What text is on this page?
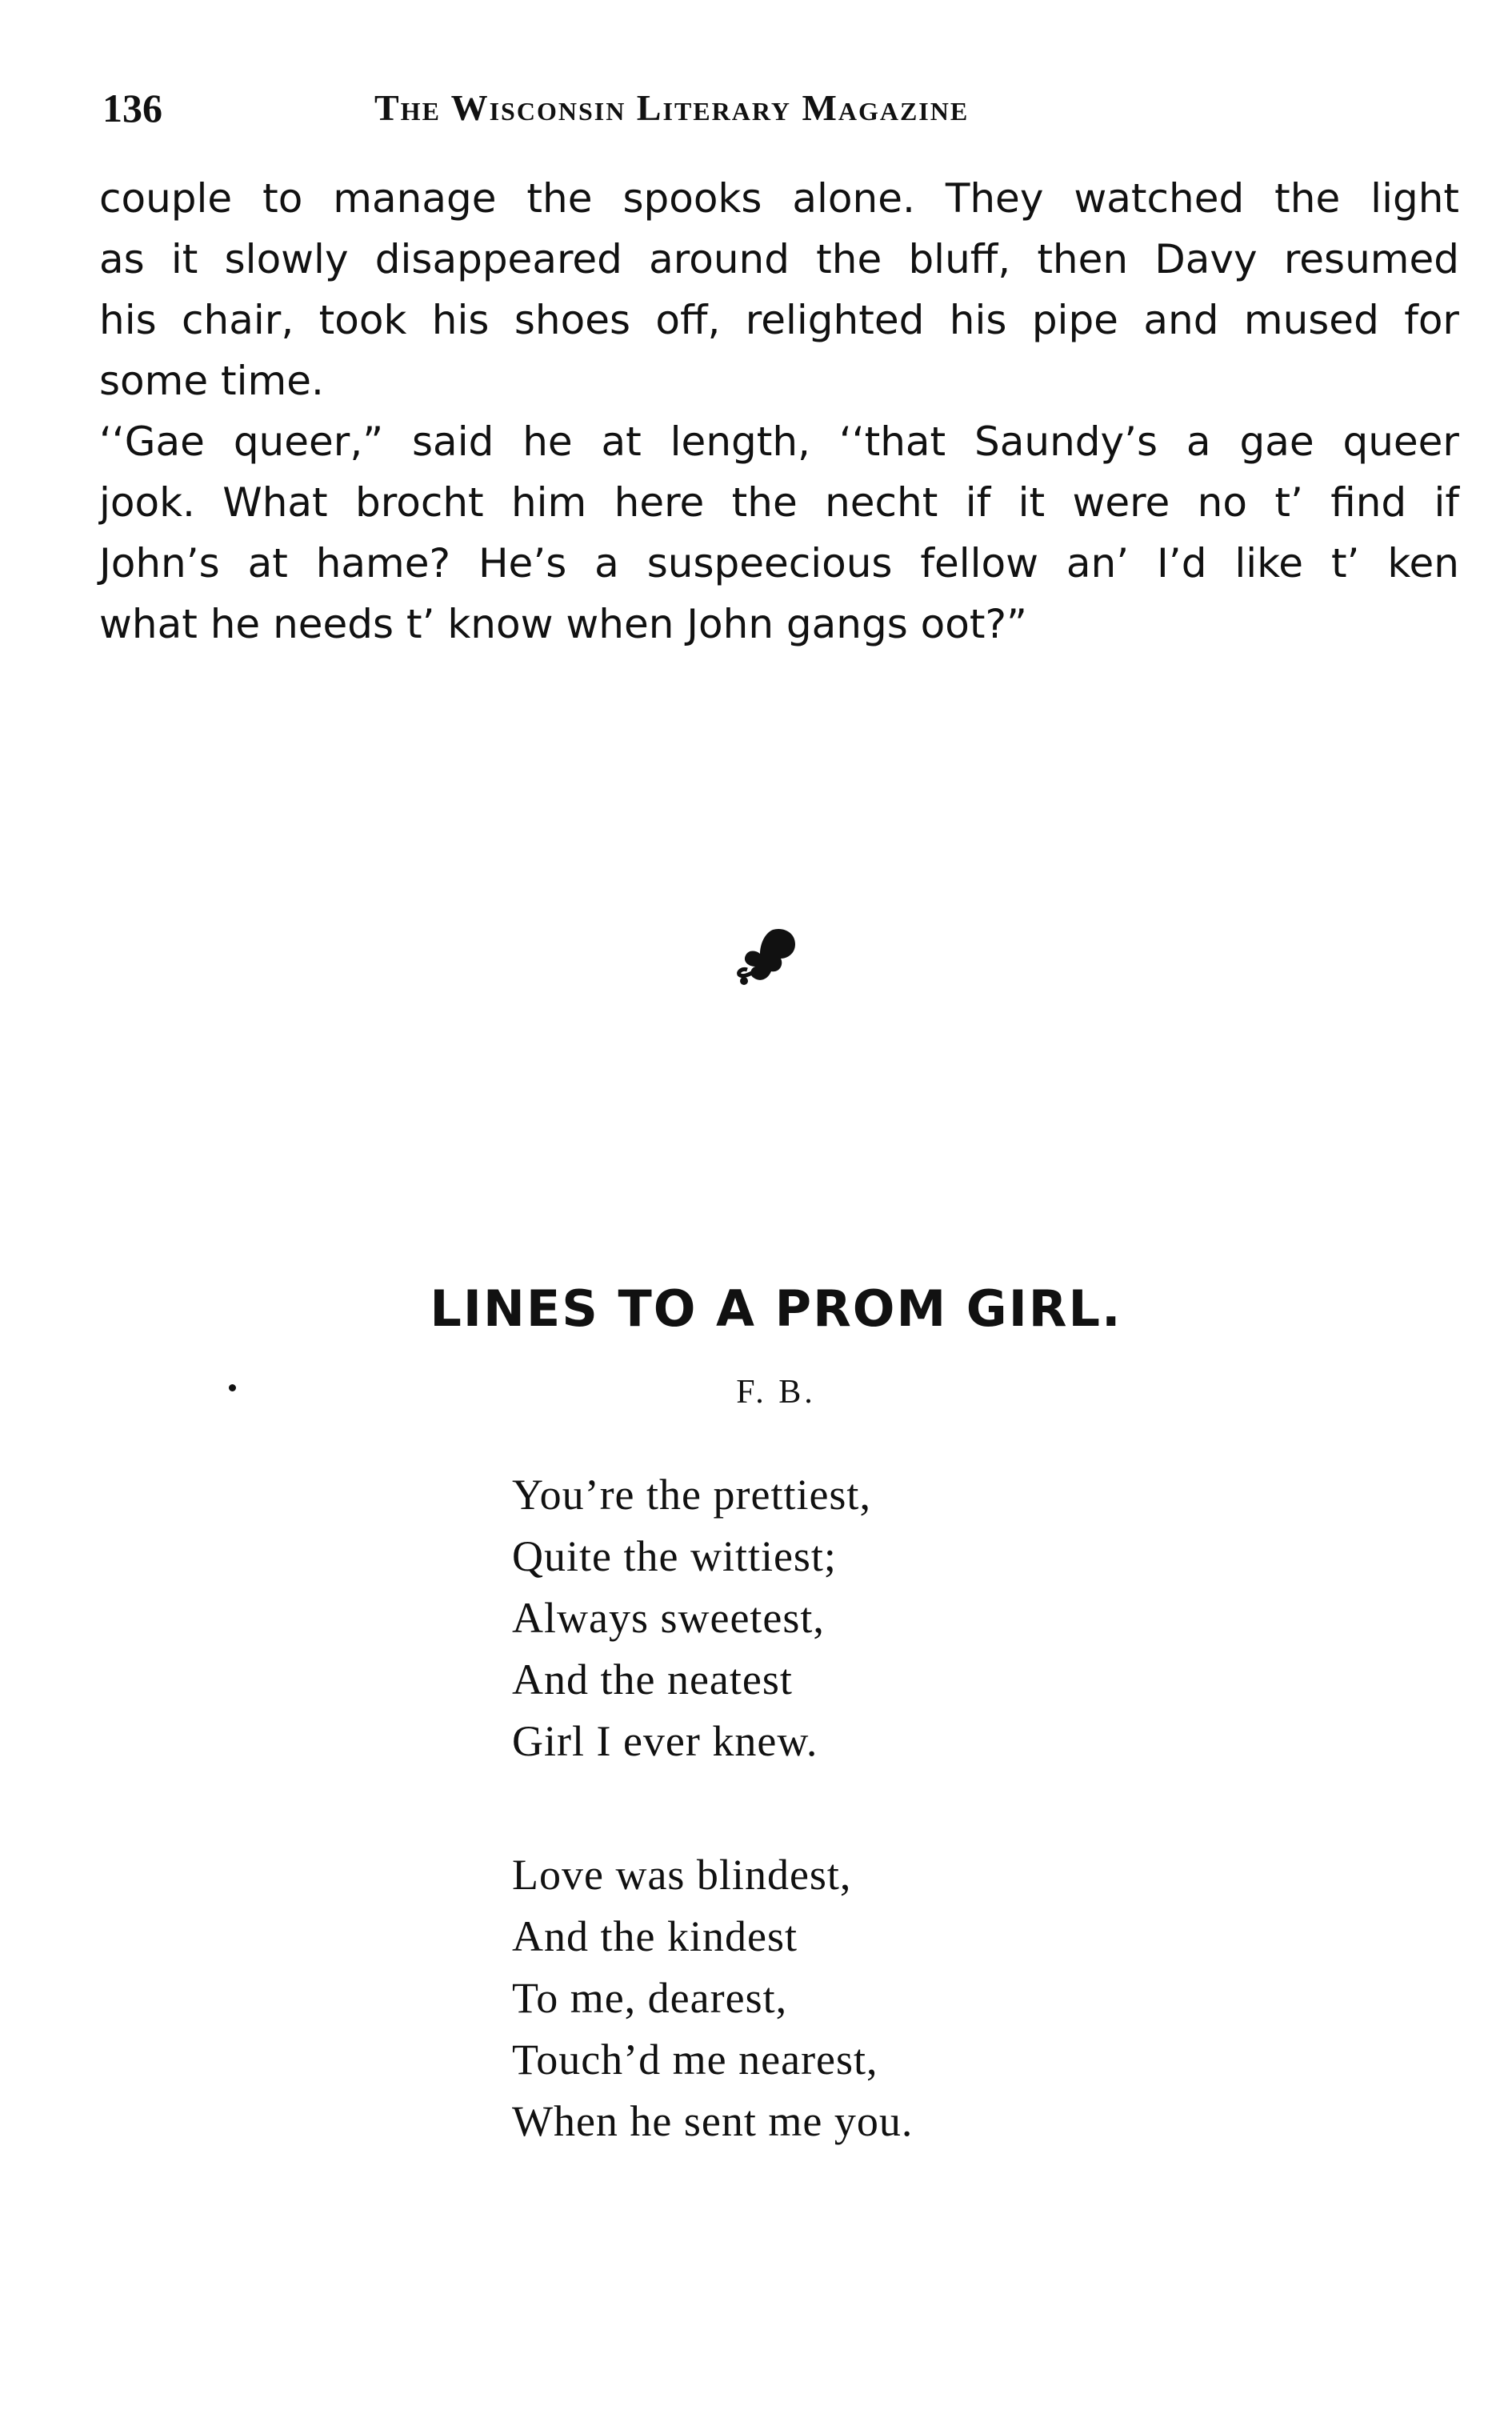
136	The Wisconsin Literary Magazine
couple to manage the spooks alone. They watched the light
as it slowly disappeared around the bluff, then Davy resumed
his chair, took his shoes off, relighted his pipe and mused for
some time.
‘‘Gae queer,” said he at length, ‘‘that Saundy’s a gae queer
jook. What brocht him here the necht if it were no t’ find if
John’s at hame? He’s a suspeecious fellow an’ I’d like t’ ken
what he needs t’ know when John gangs oot?”
LINES TO A PROM GIRL.
F. B.
You’re the prettiest,
Quite the wittiest;
Always sweetest,
And the neatest
Girl I ever knew.
Love was blindest,
And the kindest
To me, dearest,
Touch’d me nearest,
When he sent me you.
